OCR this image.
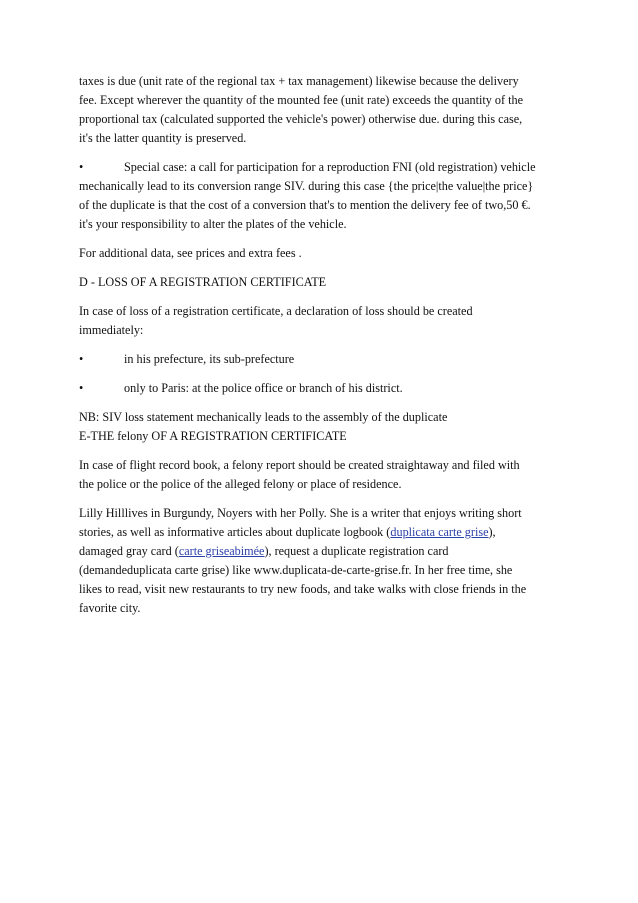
taxes is due (unit rate of the regional tax + tax management) likewise because the delivery
fee. Except wherever the quantity of the mounted fee (unit rate) exceeds the quantity of the
proportional tax (calculated supported the vehicle's power) otherwise due. during this case,
it's the latter quantity is preserved.

•	Special case: a call for participation for a reproduction FNI (old registration) vehicle
mechanically lead to its conversion range SIV. during this case {the price|the value|the price}
of the duplicate is that the cost of a conversion that's to mention the delivery fee of two,50 €.
it's your responsibility to alter the plates of the vehicle.

For additional data, see prices and extra fees .

D - LOSS OF A REGISTRATION CERTIFICATE

In case of loss of a registration certificate, a declaration of loss should be created
immediately:

•	in his prefecture, its sub-prefecture

•	only to Paris: at the police office or branch of his district.

NB: SIV loss statement mechanically leads to the assembly of the duplicate
E-THE felony OF A REGISTRATION CERTIFICATE

In case of flight record book, a felony report should be created straightaway and filed with
the police or the police of the alleged felony or place of residence.

Lilly Hilllives in Burgundy, Noyers with her Polly. She is a writer that enjoys writing short
stories, as well as informative articles about duplicate logbook (duplicata carte grise),
damaged gray card (carte griseabimée), request a duplicate registration card
(demandeduplicata carte grise) like www.duplicata-de-carte-grise.fr. In her free time, she
likes to read, visit new restaurants to try new foods, and take walks with close friends in the
favorite city.
